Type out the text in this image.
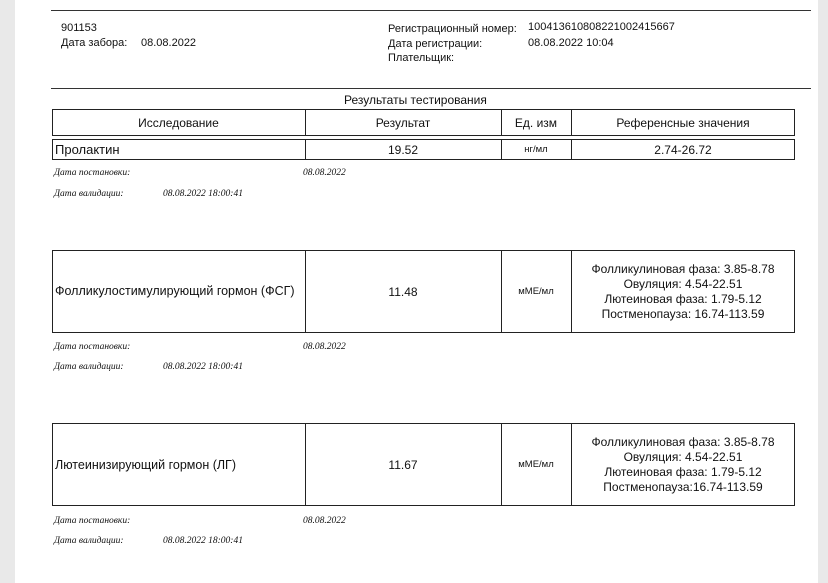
901153
Дата забора: 08.08.2022
Регистрационный номер: 100413610808221002415667
Дата регистрации:	08.08.2022 10:04
Плательщик:
Результаты тестирования
Исследование	Результат	Ед. изм	Референсные значения
Пролактин	19.52	нг/мл	2.74-26.72
Дата постановки:	08.08.2022
Дата валидации:	08.08.2022 18:00:41
Фолликулостимулирующий гормон (ФСГ)	11.48	мМЕ/мл
Фолликулиновая фаза: 3.85-8.78
Овуляция: 4.54-22.51
Лютеиновая фаза: 1.79-5.12
Постменопауза: 16.74-113.59
Дата постановки:	08.08.2022
Дата валидации:	08.08.2022 18:00:41
Лютеинизирующий гормон (ЛГ)	11.67	мМЕ/мл
Фолликулиновая фаза: 3.85-8.78
Овуляция: 4.54-22.51
Лютеиновая фаза: 1.79-5.12
Постменопауза:16.74-113.59
Дата постановки:	08.08.2022
Дата валидации:	08.08.2022 18:00:41
